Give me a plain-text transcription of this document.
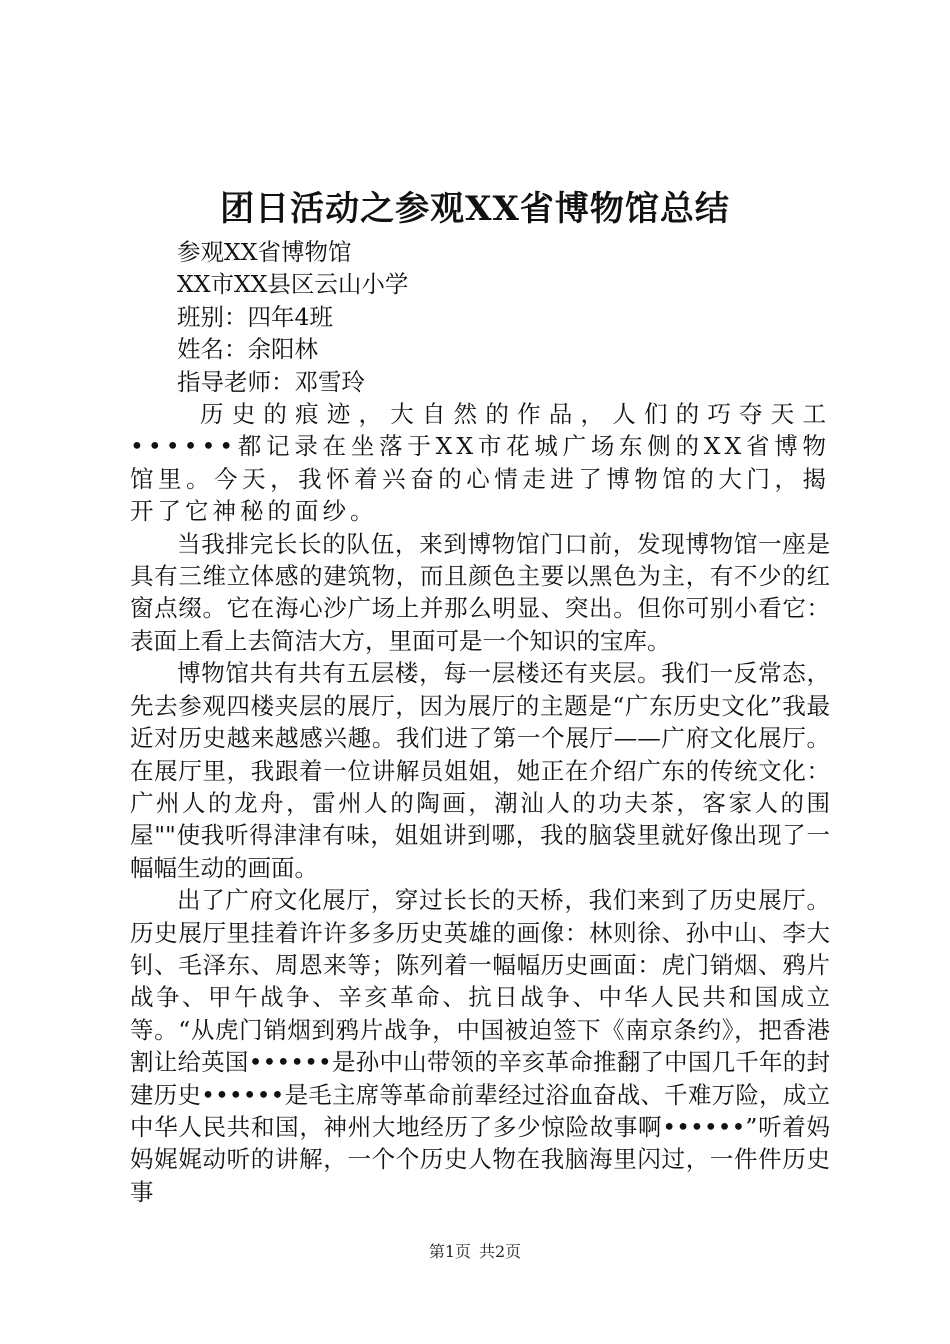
团日活动之参观XX省博物馆总结
参观XX省博物馆
XX市XX县区云山小学
班别：四年4班
姓名：余阳林
指导老师：邓雪玲

历史的痕迹，大自然的作品，人们的巧夺天工••••••都记录在坐落于XX市花城广场东侧的XX省博物馆里。今天，我怀着兴奋的心情走进了博物馆的大门，揭开了它神秘的面纱。

当我排完长长的队伍，来到博物馆门口前，发现博物馆一座是具有三维立体感的建筑物，而且颜色主要以黑色为主，有不少的红窗点缀。它在海心沙广场上并那么明显、突出。但你可别小看它：表面上看上去简洁大方，里面可是一个知识的宝库。

博物馆共有共有五层楼，每一层楼还有夹层。我们一反常态，先去参观四楼夹层的展厅，因为展厅的主题是“广东历史文化”我最近对历史越来越感兴趣。我们进了第一个展厅——广府文化展厅。在展厅里，我跟着一位讲解员姐姐，她正在介绍广东的传统文化：广州人的龙舟，雷州人的陶画，潮汕人的功夫茶，客家人的围屋""使我听得津津有味，姐姐讲到哪，我的脑袋里就好像出现了一幅幅生动的画面。

出了广府文化展厅，穿过长长的天桥，我们来到了历史展厅。历史展厅里挂着许许多多历史英雄的画像：林则徐、孙中山、李大钊、毛泽东、周恩来等；陈列着一幅幅历史画面：虎门销烟、鸦片战争、甲午战争、辛亥革命、抗日战争、中华人民共和国成立等。“从虎门销烟到鸦片战争，中国被迫签下《南京条约》，把香港割让给英国••••••是孙中山带领的辛亥革命推翻了中国几千年的封建历史••••••是毛主席等革命前辈经过浴血奋战、千难万险，成立中华人民共和国，神州大地经历了多少惊险故事啊••••••”听着妈妈娓娓动听的讲解，一个个历史人物在我脑海里闪过，一件件历史事

第1页 共2页
